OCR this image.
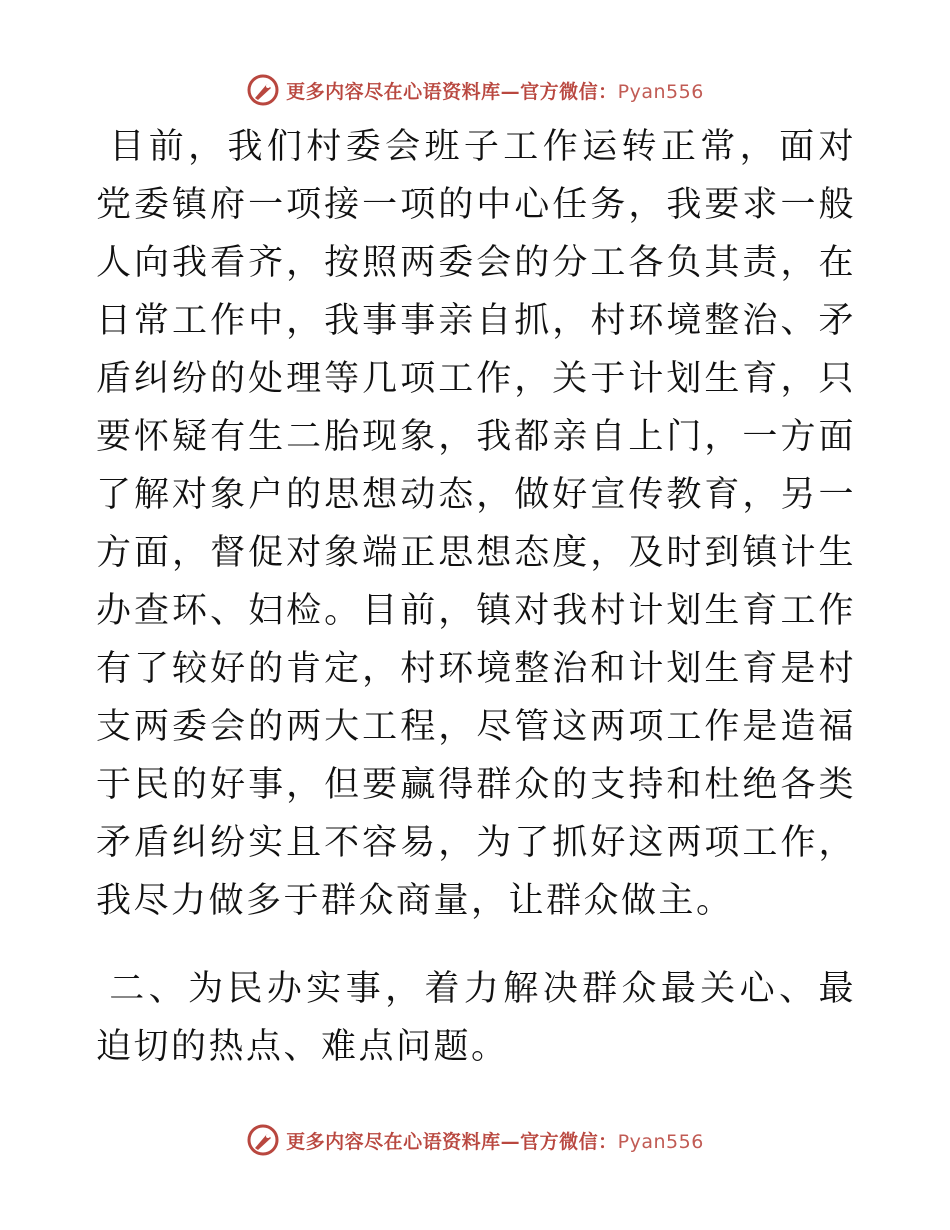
更多内容尽在心语资料库—官方微信：Pyan556

目前，我们村委会班子工作运转正常，面对党委镇府一项接一项的中心任务，我要求一般人向我看齐，按照两委会的分工各负其责，在日常工作中，我事事亲自抓，村环境整治、矛盾纠纷的处理等几项工作，关于计划生育，只要怀疑有生二胎现象，我都亲自上门，一方面了解对象户的思想动态，做好宣传教育，另一方面，督促对象端正思想态度，及时到镇计生办查环、妇检。目前，镇对我村计划生育工作有了较好的肯定，村环境整治和计划生育是村支两委会的两大工程，尽管这两项工作是造福于民的好事，但要赢得群众的支持和杜绝各类矛盾纠纷实且不容易，为了抓好这两项工作，我尽力做多于群众商量，让群众做主。

二、为民办实事，着力解决群众最关心、最迫切的热点、难点问题。

更多内容尽在心语资料库—官方微信：Pyan556
